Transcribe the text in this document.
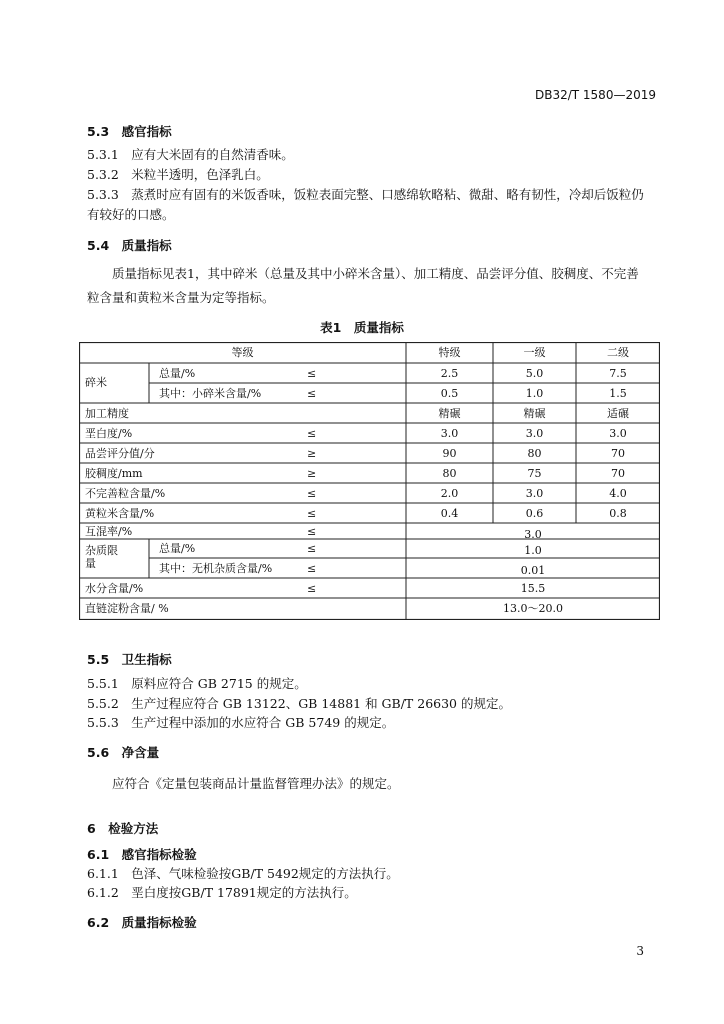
DB32/T 1580—2019
5.3　感官指标
5.3.1　应有大米固有的自然清香味。
5.3.2　米粒半透明，色泽乳白。
5.3.3　蒸煮时应有固有的米饭香味，饭粒表面完整、口感绵软略粘、微甜、略有韧性，冷却后饭粒仍
有较好的口感。
5.4　质量指标
质量指标见表1，其中碎米（总量及其中小碎米含量）、加工精度、品尝评分值、胶稠度、不完善
粒含量和黄粒米含量为定等指标。
表1　质量指标
等级	特级	一级	二级
碎米
总量/%	≤	2.5	5.0	7.5
其中：小碎米含量/%	≤	0.5	1.0	1.5
加工精度	精碾	精碾	适碾
垩白度/%	≤	3.0	3.0	3.0
品尝评分值/分	≥	90	80	70
胶稠度/mm	≥	80	75	70
不完善粒含量/%	≤	2.0	3.0	4.0
黄粒米含量/%	≤	0.4	0.6	0.8
互混率/%	≤	3.0
杂质限量
总量/%	≤	1.0
其中：无机杂质含量/%	≤	0.01
水分含量/%	≤	15.5
直链淀粉含量/ %	13.0～20.0
5.5　卫生指标
5.5.1　原料应符合 GB 2715 的规定。
5.5.2　生产过程应符合 GB 13122、GB 14881 和 GB/T 26630 的规定。
5.5.3　生产过程中添加的水应符合 GB 5749 的规定。
5.6　净含量
应符合《定量包装商品计量监督管理办法》的规定。
6　检验方法
6.1　感官指标检验
6.1.1　色泽、气味检验按GB/T 5492规定的方法执行。
6.1.2　垩白度按GB/T 17891规定的方法执行。
6.2　质量指标检验
3
